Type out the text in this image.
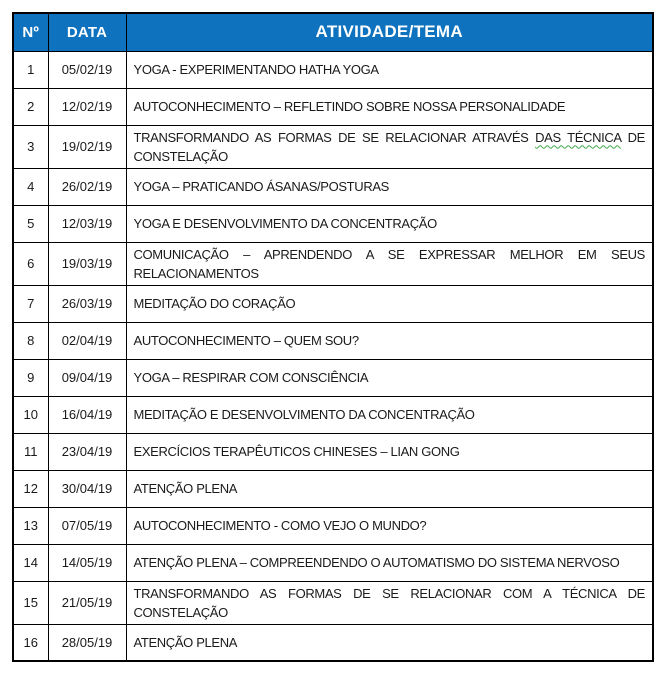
Nº	DATA	ATIVIDADE/TEMA
1	05/02/19	YOGA - EXPERIMENTANDO HATHA YOGA
2	12/02/19	AUTOCONHECIMENTO – REFLETINDO SOBRE NOSSA PERSONALIDADE
3	19/02/19	TRANSFORMANDO AS FORMAS DE SE RELACIONAR ATRAVÉS DAS TÉCNICA DE
CONSTELAÇÃO

4	26/02/19	YOGA – PRATICANDO ÁSANAS/POSTURAS
5	12/03/19	YOGA E DESENVOLVIMENTO DA CONCENTRAÇÃO
6	19/03/19	COMUNICAÇÃO – APRENDENDO A SE EXPRESSAR MELHOR EM SEUS
RELACIONAMENTOS

7	26/03/19	MEDITAÇÃO DO CORAÇÃO
8	02/04/19	AUTOCONHECIMENTO – QUEM SOU?
9	09/04/19	YOGA – RESPIRAR COM CONSCIÊNCIA
10	16/04/19	MEDITAÇÃO E DESENVOLVIMENTO DA CONCENTRAÇÃO
11	23/04/19	EXERCÍCIOS TERAPÊUTICOS CHINESES – LIAN GONG
12	30/04/19	ATENÇÃO PLENA
13	07/05/19	AUTOCONHECIMENTO - COMO VEJO O MUNDO?
14	14/05/19	ATENÇÃO PLENA – COMPREENDENDO O AUTOMATISMO DO SISTEMA NERVOSO
15	21/05/19	TRANSFORMANDO AS FORMAS DE SE RELACIONAR COM A TÉCNICA DE
CONSTELAÇÃO

16	28/05/19	ATENÇÃO PLENA
